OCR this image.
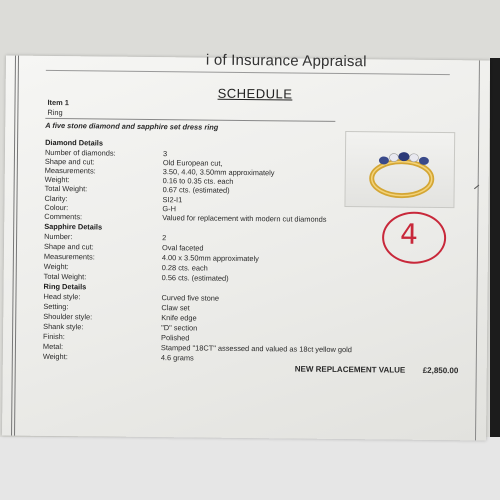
i of Insurance Appraisal
SCHEDULE
Item 1
Ring
A five stone diamond and sapphire set dress ring
Diamond Details
Number of diamonds:	3
Shape and cut:	Old European cut,
Measurements:	3.50, 4.40, 3.50mm approximately
Weight:	0.16 to 0.35 cts. each
Total Weight:	0.67 cts. (estimated)
Clarity:	SI2-I1
Colour:	G-H
Comments:	Valued for replacement with modern cut diamonds
Sapphire Details
Number:	2
Shape and cut:	Oval faceted
Measurements:	4.00 x 3.50mm approximately
Weight:	0.28 cts. each
Total Weight:	0.56 cts. (estimated)
Ring Details
Head style:	Curved five stone
Setting:	Claw set
Shoulder style:	Knife edge
Shank style:	"D" section
Finish:	Polished
Metal:	Stamped "18CT" assessed and valued as 18ct yellow gold
Weight:	4.6 grams
NEW REPLACEMENT VALUE £2,850.00
4
